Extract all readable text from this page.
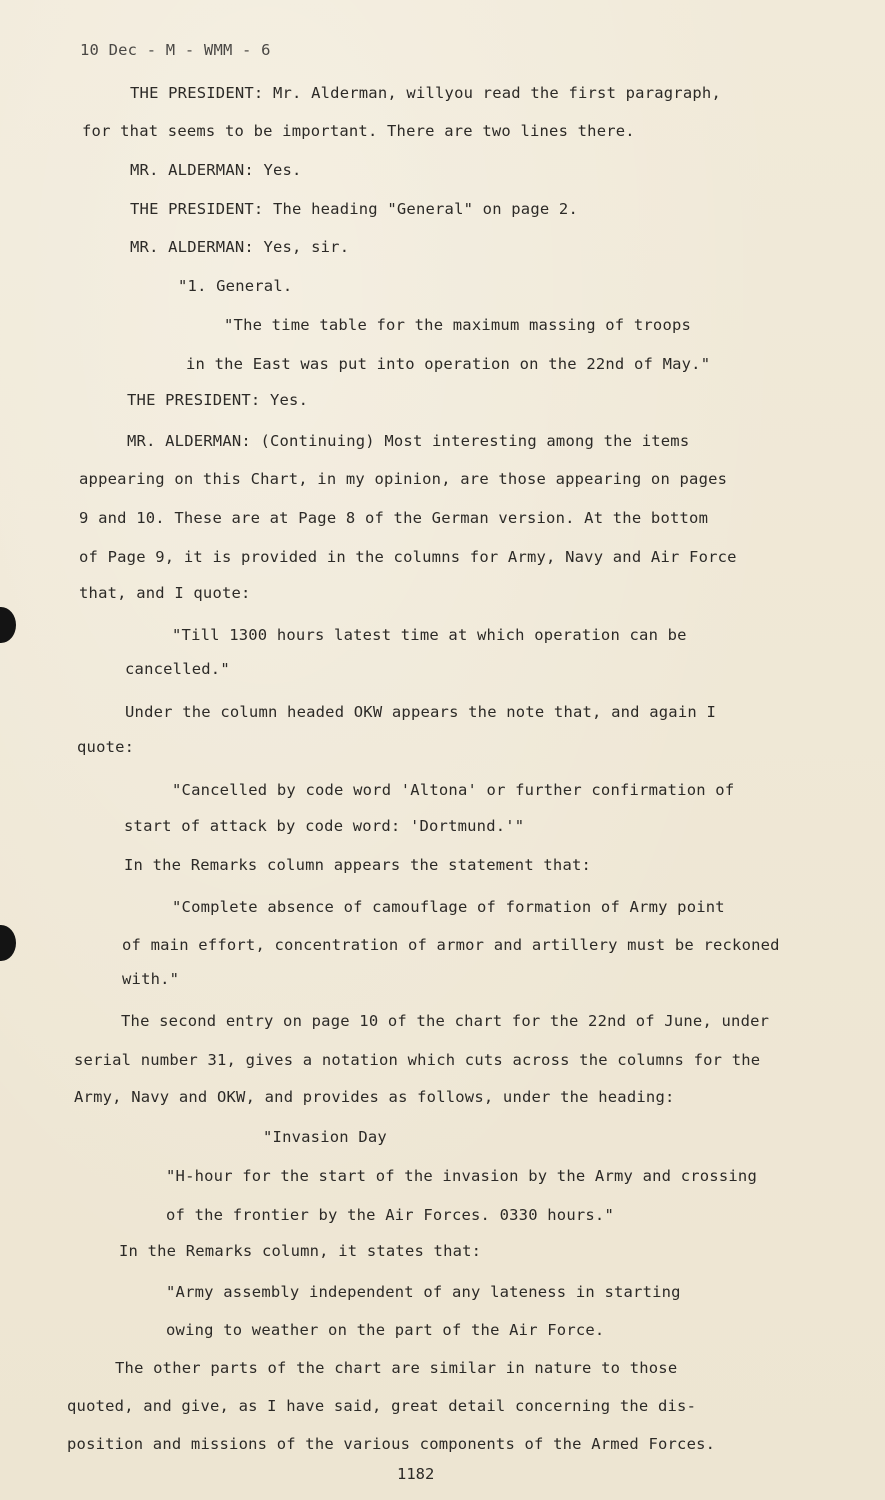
10 Dec - M - WMM - 6
THE PRESIDENT: Mr. Alderman, willyou read the first paragraph,
for that seems to be important. There are two lines there.
MR. ALDERMAN: Yes.
THE PRESIDENT: The heading "General" on page 2.
MR. ALDERMAN: Yes, sir.
"1. General.
"The time table for the maximum massing of troops
in the East was put into operation on the 22nd of May."
THE PRESIDENT: Yes.
MR. ALDERMAN: (Continuing) Most interesting among the items
appearing on this Chart, in my opinion, are those appearing on pages
9 and 10. These are at Page 8 of the German version. At the bottom
of Page 9, it is provided in the columns for Army, Navy and Air Force
that, and I quote:
"Till 1300 hours latest time at which operation can be
cancelled."
Under the column headed OKW appears the note that, and again I
quote:
"Cancelled by code word 'Altona' or further confirmation of
start of attack by code word: 'Dortmund.'"
In the Remarks column appears the statement that:
"Complete absence of camouflage of formation of Army point
of main effort, concentration of armor and artillery must be reckoned
with."
The second entry on page 10 of the chart for the 22nd of June, under
serial number 31, gives a notation which cuts across the columns for the
Army, Navy and OKW, and provides as follows, under the heading:
"Invasion Day
"H-hour for the start of the invasion by the Army and crossing
of the frontier by the Air Forces. 0330 hours."
In the Remarks column, it states that:
"Army assembly independent of any lateness in starting
owing to weather on the part of the Air Force.
The other parts of the chart are similar in nature to those
quoted, and give, as I have said, great detail concerning the dis-
position and missions of the various components of the Armed Forces.
1182
